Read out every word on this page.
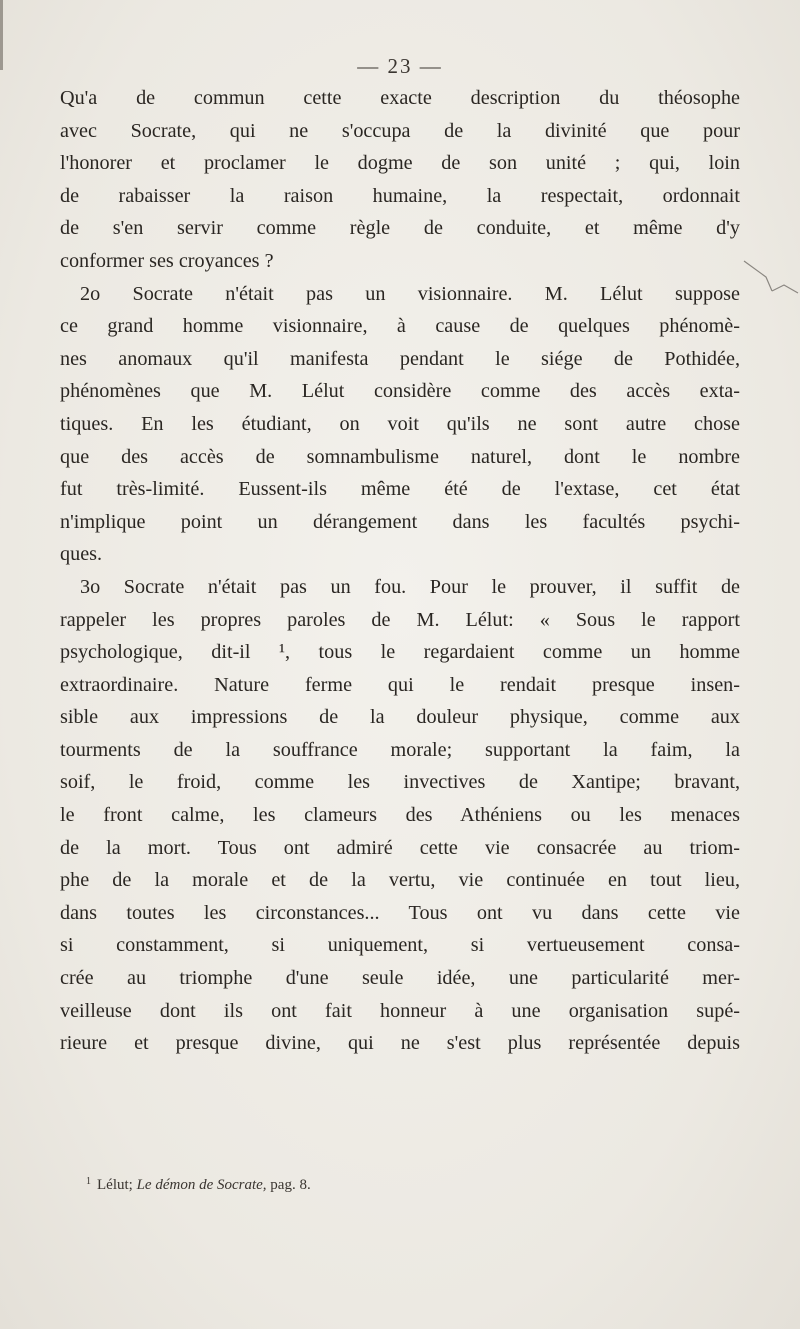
— 23 —
Qu'a de commun cette exacte description du théosophe
avec Socrate, qui ne s'occupa de la divinité que pour
l'honorer et proclamer le dogme de son unité ; qui, loin
de rabaisser la raison humaine, la respectait, ordonnait
de s'en servir comme règle de conduite, et même d'y
conformer ses croyances ?
2o Socrate n'était pas un visionnaire. M. Lélut suppose
ce grand homme visionnaire, à cause de quelques phénomè-
nes anomaux qu'il manifesta pendant le siége de Pothidée,
phénomènes que M. Lélut considère comme des accès exta-
tiques. En les étudiant, on voit qu'ils ne sont autre chose
que des accès de somnambulisme naturel, dont le nombre
fut très-limité. Eussent-ils même été de l'extase, cet état
n'implique point un dérangement dans les facultés psychi-
ques.
3o Socrate n'était pas un fou. Pour le prouver, il suffit de
rappeler les propres paroles de M. Lélut: « Sous le rapport
psychologique, dit-il ¹, tous le regardaient comme un homme
extraordinaire. Nature ferme qui le rendait presque insen-
sible aux impressions de la douleur physique, comme aux
tourments de la souffrance morale; supportant la faim, la
soif, le froid, comme les invectives de Xantipe; bravant,
le front calme, les clameurs des Athéniens ou les menaces
de la mort. Tous ont admiré cette vie consacrée au triom-
phe de la morale et de la vertu, vie continuée en tout lieu,
dans toutes les circonstances... Tous ont vu dans cette vie
si constamment, si uniquement, si vertueusement consa-
crée au triomphe d'une seule idée, une particularité mer-
veilleuse dont ils ont fait honneur à une organisation supé-
rieure et presque divine, qui ne s'est plus représentée depuis
$^1$ Lélut; Le démon de Socrate, pag. 8.
